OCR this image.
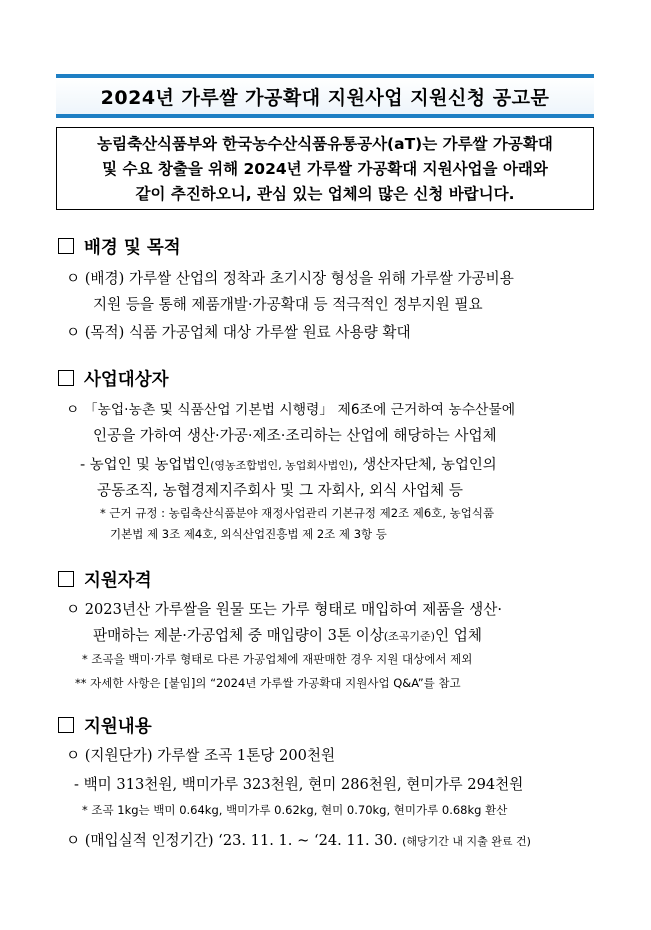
2024년 가루쌀 가공확대 지원사업 지원신청 공고문
농림축산식품부와 한국농수산식품유통공사(aT)는 가루쌀 가공확대
및 수요 창출을 위해 2024년 가루쌀 가공확대 지원사업을 아래와
같이 추진하오니, 관심 있는 업체의 많은 신청 바랍니다.
배경 및 목적
ㅇ (배경) 가루쌀 산업의 정착과 초기시장 형성을 위해 가루쌀 가공비용
지원 등을 통해 제품개발·가공확대 등 적극적인 정부지원 필요
ㅇ (목적) 식품 가공업체 대상 가루쌀 원료 사용량 확대
사업대상자
ㅇ 「농업·농촌 및 식품산업 기본법 시행령」 제6조에 근거하여 농수산물에
인공을 가하여 생산·가공·제조·조리하는 산업에 해당하는 사업체
- 농업인 및 농업법인(영농조합법인, 농업회사법인), 생산자단체, 농업인의
공동조직, 농협경제지주회사 및 그 자회사, 외식 사업체 등
* 근거 규정 : 농림축산식품분야 재정사업관리 기본규정 제2조 제6호, 농업식품
기본법 제 3조 제4호, 외식산업진흥법 제 2조 제 3항 등
지원자격
ㅇ 2023년산 가루쌀을 원물 또는 가루 형태로 매입하여 제품을 생산·
판매하는 제분·가공업체 중 매입량이 3톤 이상(조곡기준)인 업체
* 조곡을 백미·가루 형태로 다른 가공업체에 재판매한 경우 지원 대상에서 제외
** 자세한 사항은 [붙임]의 “2024년 가루쌀 가공확대 지원사업 Q&A”를 참고
지원내용
ㅇ (지원단가) 가루쌀 조곡 1톤당 200천원
- 백미 313천원, 백미가루 323천원, 현미 286천원, 현미가루 294천원
* 조곡 1kg는 백미 0.64kg, 백미가루 0.62kg, 현미 0.70kg, 현미가루 0.68kg 환산
ㅇ (매입실적 인정기간) ‘23. 11. 1. ~ ‘24. 11. 30. (해당기간 내 지출 완료 건)
